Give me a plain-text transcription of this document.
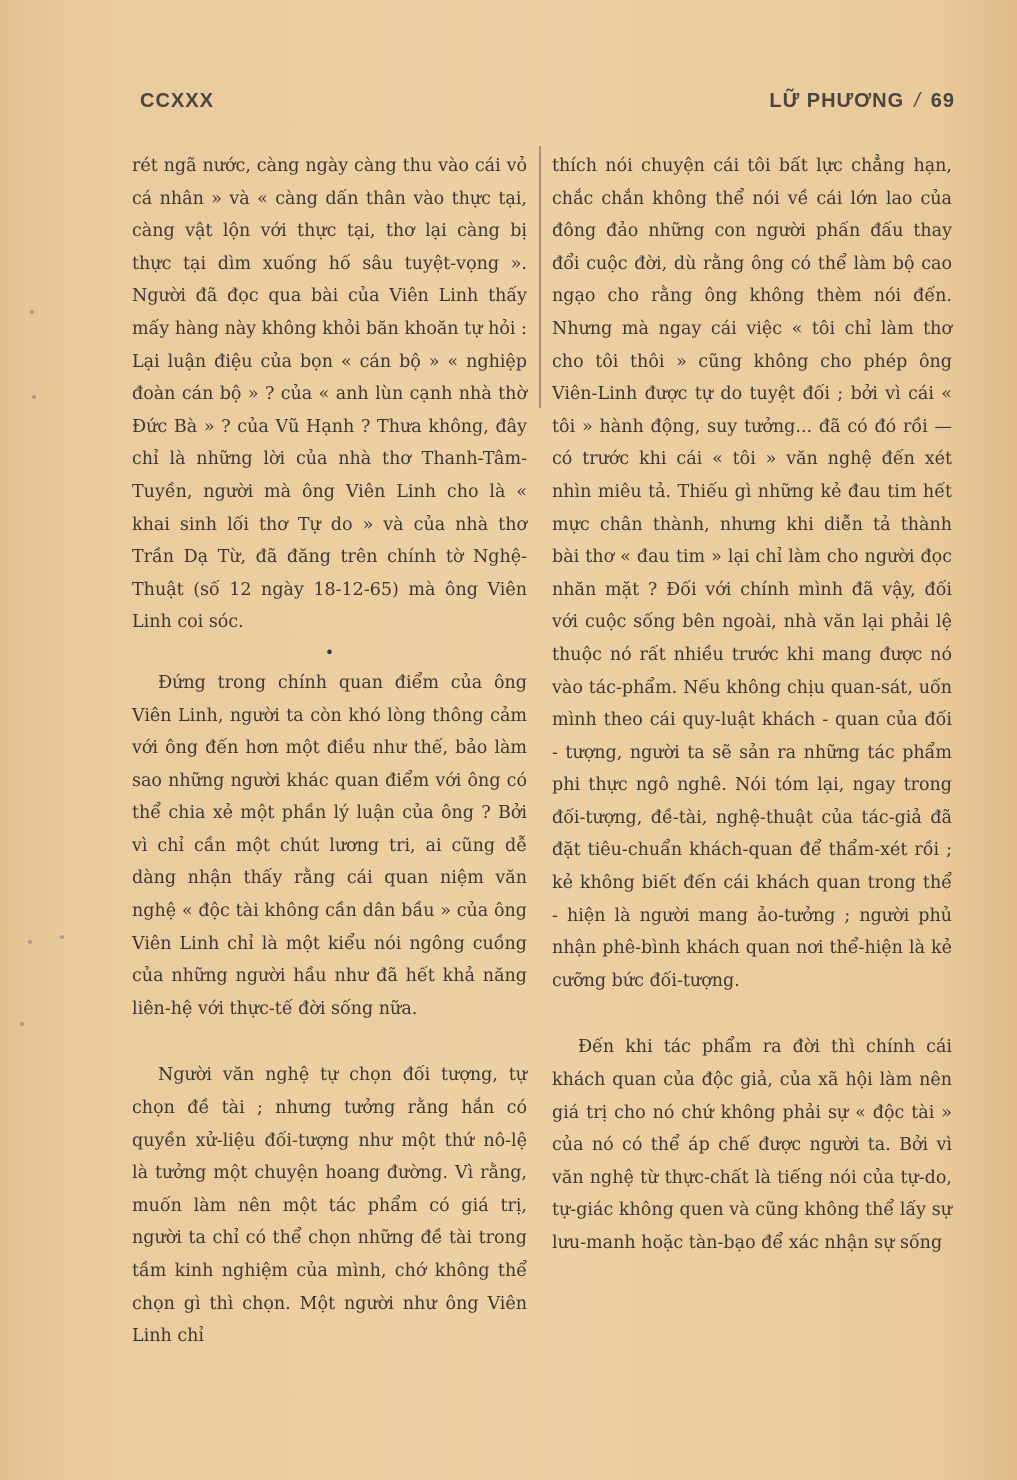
CCXXX	LỮ PHƯƠNG / 69

rét ngã nước, càng ngày càng thu vào cái vỏ cá nhân » và « càng dấn thân vào thực tại, càng vật lộn với thực tại, thơ lại càng bị thực tại dìm xuống hố sâu tuyệt-vọng ». Người đã đọc qua bài của Viên Linh thấy mấy hàng này không khỏi băn khoăn tự hỏi : Lại luận điệu của bọn « cán bộ » « nghiệp đoàn cán bộ » ? của « anh lùn cạnh nhà thờ Đức Bà » ? của Vũ Hạnh ? Thưa không, đây chỉ là những lời của nhà thơ Thanh-Tâm-Tuyền, người mà ông Viên Linh cho là « khai sinh lối thơ Tự do » và của nhà thơ Trần Dạ Từ, đã đăng trên chính tờ Nghệ-Thuật (số 12 ngày 18-12-65) mà ông Viên Linh coi sóc.

•

Đứng trong chính quan điểm của ông Viên Linh, người ta còn khó lòng thông cảm với ông đến hơn một điều như thế, bảo làm sao những người khác quan điểm với ông có thể chia xẻ một phần lý luận của ông ? Bởi vì chỉ cần một chút lương tri, ai cũng dễ dàng nhận thấy rằng cái quan niệm văn nghệ « độc tài không cần dân bầu » của ông Viên Linh chỉ là một kiểu nói ngông cuồng của những người hầu như đã hết khả năng liên-hệ với thực-tế đời sống nữa.

Người văn nghệ tự chọn đối tượng, tự chọn đề tài ; nhưng tưởng rằng hắn có quyền xử-liệu đối-tượng như một thứ nô-lệ là tưởng một chuyện hoang đường. Vì rằng, muốn làm nên một tác phẩm có giá trị, người ta chỉ có thể chọn những đề tài trong tầm kinh nghiệm của mình, chớ không thể chọn gì thì chọn. Một người như ông Viên Linh chỉ

thích nói chuyện cái tôi bất lực chẳng hạn, chắc chắn không thể nói về cái lớn lao của đông đảo những con người phấn đấu thay đổi cuộc đời, dù rằng ông có thể làm bộ cao ngạo cho rằng ông không thèm nói đến. Nhưng mà ngay cái việc « tôi chỉ làm thơ cho tôi thôi » cũng không cho phép ông Viên-Linh được tự do tuyệt đối ; bởi vì cái « tôi » hành động, suy tưởng... đã có đó rồi — có trước khi cái « tôi » văn nghệ đến xét nhìn miêu tả. Thiếu gì những kẻ đau tim hết mực chân thành, nhưng khi diễn tả thành bài thơ « đau tim » lại chỉ làm cho người đọc nhăn mặt ? Đối với chính mình đã vậy, đối với cuộc sống bên ngoài, nhà văn lại phải lệ thuộc nó rất nhiều trước khi mang được nó vào tác-phẩm. Nếu không chịu quan-sát, uốn mình theo cái quy-luật khách - quan của đối - tượng, người ta sẽ sản ra những tác phẩm phi thực ngô nghê. Nói tóm lại, ngay trong đối-tượng, đề-tài, nghệ-thuật của tác-giả đã đặt tiêu-chuẩn khách-quan để thẩm-xét rồi ; kẻ không biết đến cái khách quan trong thể - hiện là người mang ảo-tưởng ; người phủ nhận phê-bình khách quan nơi thể-hiện là kẻ cưỡng bức đối-tượng.

Đến khi tác phẩm ra đời thì chính cái khách quan của độc giả, của xã hội làm nên giá trị cho nó chứ không phải sự « độc tài » của nó có thể áp chế được người ta. Bởi vì văn nghệ từ thực-chất là tiếng nói của tự-do, tự-giác không quen và cũng không thể lấy sự lưu-manh hoặc tàn-bạo để xác nhận sự sống
